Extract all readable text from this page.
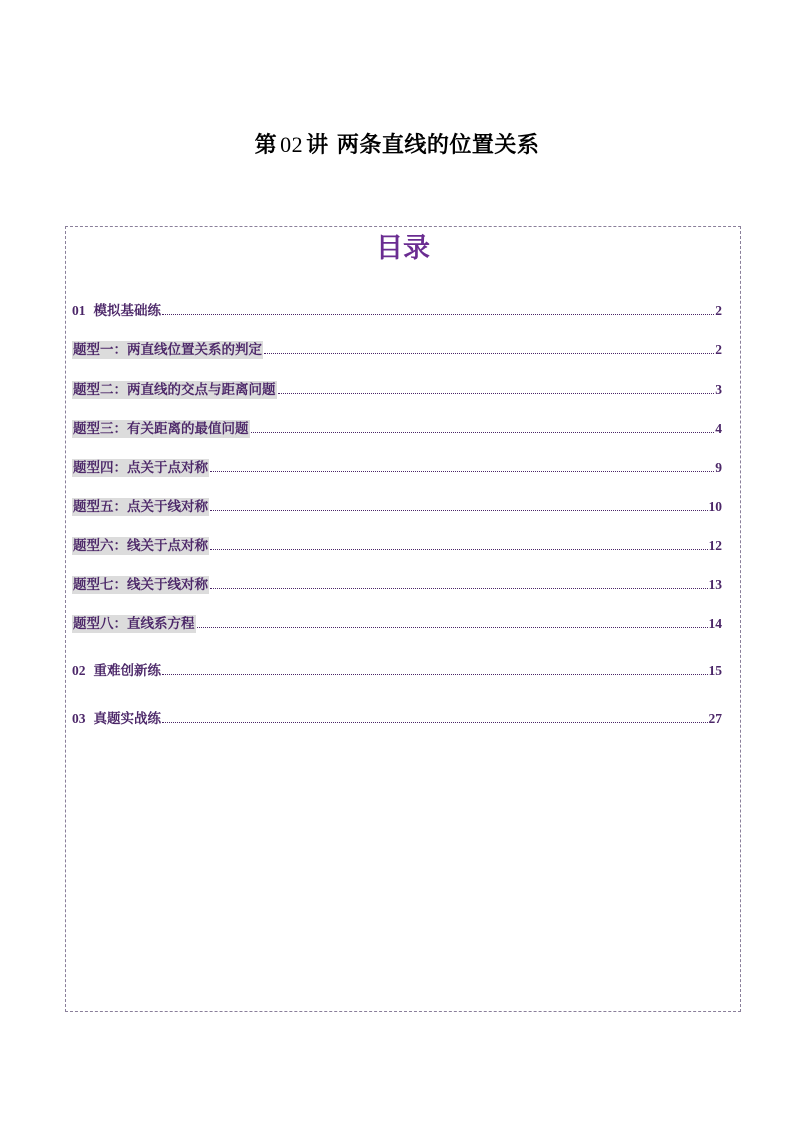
第 02 讲 两条直线的位置关系
目录
01 模拟基础练	2
题型一：两直线位置关系的判定	2
题型二：两直线的交点与距离问题	3
题型三：有关距离的最值问题	4
题型四：点关于点对称	9
题型五：点关于线对称	10
题型六：线关于点对称	12
题型七：线关于线对称	13
题型八：直线系方程	14
02 重难创新练	15
03 真题实战练	27
